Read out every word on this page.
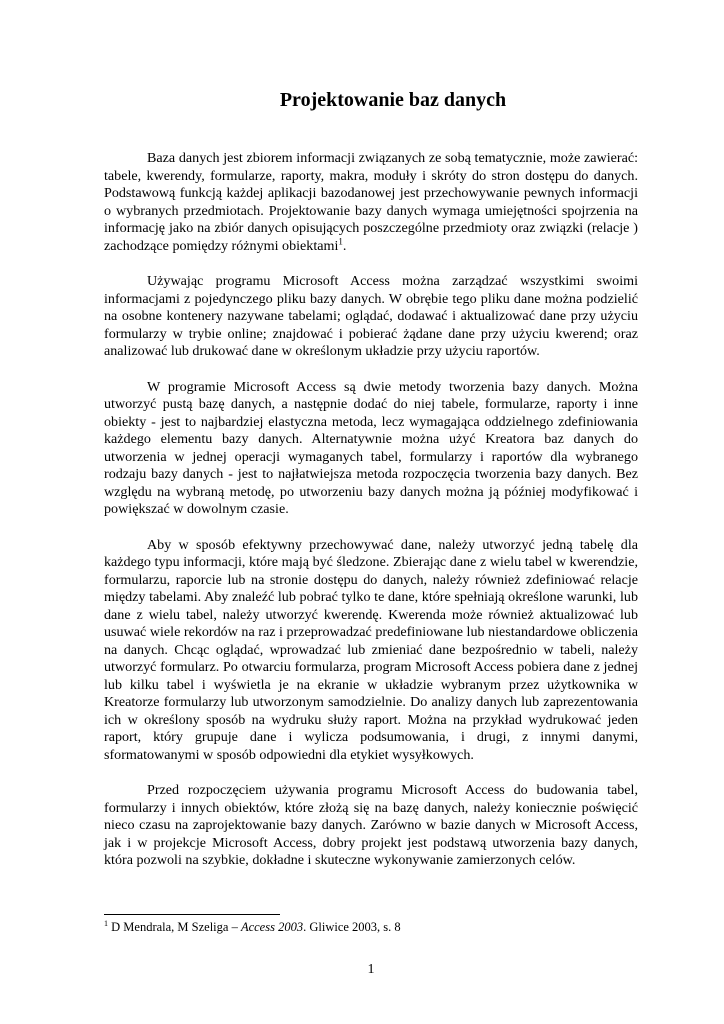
Projektowanie baz danych

Baza danych jest zbiorem informacji związanych ze sobą tematycznie, może zawierać: tabele, kwerendy, formularze, raporty, makra, moduły i skróty do stron dostępu do danych. Podstawową funkcją każdej aplikacji bazodanowej jest przechowywanie pewnych informacji o wybranych przedmiotach. Projektowanie bazy danych wymaga umiejętności spojrzenia na informację jako na zbiór danych opisujących poszczególne przedmioty oraz związki (relacje ) zachodzące pomiędzy różnymi obiektami$^1$.

Używając programu Microsoft Access można zarządzać wszystkimi swoimi informacjami z pojedynczego pliku bazy danych. W obrębie tego pliku dane można podzielić na osobne kontenery nazywane tabelami; oglądać, dodawać i aktualizować dane przy użyciu formularzy w trybie online; znajdować i pobierać żądane dane przy użyciu kwerend; oraz analizować lub drukować dane w określonym układzie przy użyciu raportów.

W programie Microsoft Access są dwie metody tworzenia bazy danych. Można utworzyć pustą bazę danych, a następnie dodać do niej tabele, formularze, raporty i inne obiekty - jest to najbardziej elastyczna metoda, lecz wymagająca oddzielnego zdefiniowania każdego elementu bazy danych. Alternatywnie można użyć Kreatora baz danych do utworzenia w jednej operacji wymaganych tabel, formularzy i raportów dla wybranego rodzaju bazy danych - jest to najłatwiejsza metoda rozpoczęcia tworzenia bazy danych. Bez względu na wybraną metodę, po utworzeniu bazy danych można ją później modyfikować i powiększać w dowolnym czasie.

Aby w sposób efektywny przechowywać dane, należy utworzyć jedną tabelę dla każdego typu informacji, które mają być śledzone. Zbierając dane z wielu tabel w kwerendzie, formularzu, raporcie lub na stronie dostępu do danych, należy również zdefiniować relacje między tabelami. Aby znaleźć lub pobrać tylko te dane, które spełniają określone warunki, lub dane z wielu tabel, należy utworzyć kwerendę. Kwerenda może również aktualizować lub usuwać wiele rekordów na raz i przeprowadzać predefiniowane lub niestandardowe obliczenia na danych. Chcąc oglądać, wprowadzać lub zmieniać dane bezpośrednio w tabeli, należy utworzyć formularz. Po otwarciu formularza, program Microsoft Access pobiera dane z jednej lub kilku tabel i wyświetla je na ekranie w układzie wybranym przez użytkownika w Kreatorze formularzy lub utworzonym samodzielnie. Do analizy danych lub zaprezentowania ich w określony sposób na wydruku służy raport. Można na przykład wydrukować jeden raport, który grupuje dane i wylicza podsumowania, i drugi, z innymi danymi, sformatowanymi w sposób odpowiedni dla etykiet wysyłkowych.

Przed rozpoczęciem używania programu Microsoft Access do budowania tabel, formularzy i innych obiektów, które złożą się na bazę danych, należy koniecznie poświęcić nieco czasu na zaprojektowanie bazy danych. Zarówno w bazie danych w Microsoft Access, jak i w projekcje Microsoft Access, dobry projekt jest podstawą utworzenia bazy danych, która pozwoli na szybkie, dokładne i skuteczne wykonywanie zamierzonych celów.

$^1$ D Mendrala, M Szeliga – Access 2003. Gliwice 2003, s. 8
1
